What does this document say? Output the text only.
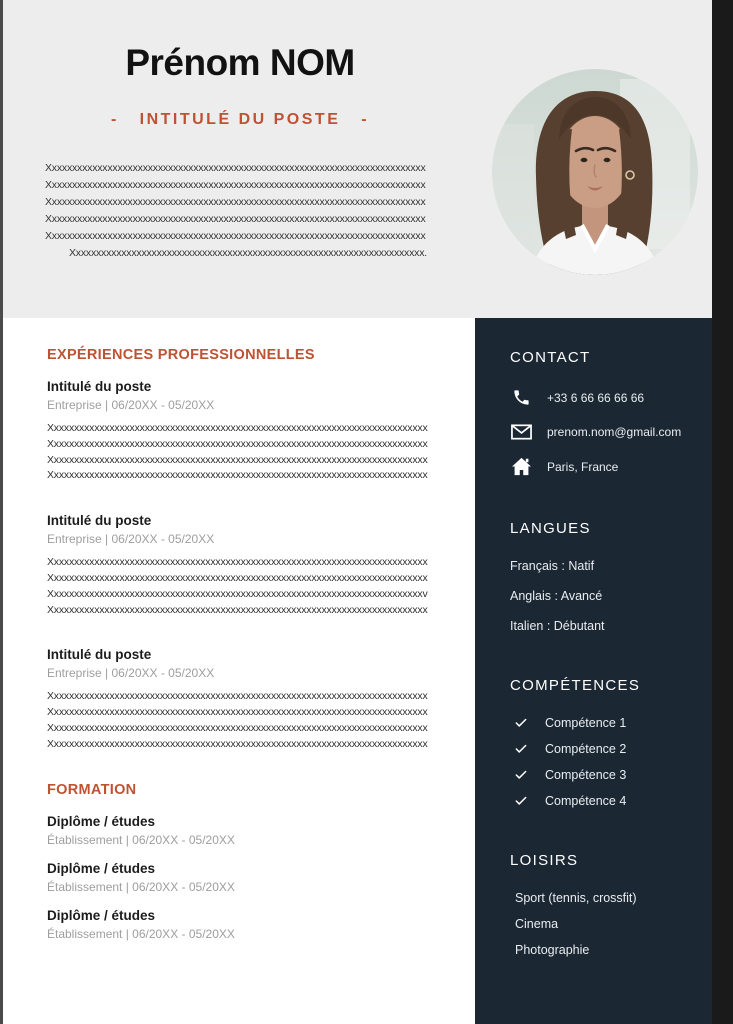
Prénom NOM
-   INTITULÉ DU POSTE   -
Xxxxxxxxxxxxxxxxxxxxxxxxxxxxxxxxxxxxxxxxxxxxxxxxxxxxxxxxxxxxxxxxxxxxxxxxxxx
Xxxxxxxxxxxxxxxxxxxxxxxxxxxxxxxxxxxxxxxxxxxxxxxxxxxxxxxxxxxxxxxxxxxxxxxxxxx
Xxxxxxxxxxxxxxxxxxxxxxxxxxxxxxxxxxxxxxxxxxxxxxxxxxxxxxxxxxxxxxxxxxxxxxxxxxx
Xxxxxxxxxxxxxxxxxxxxxxxxxxxxxxxxxxxxxxxxxxxxxxxxxxxxxxxxxxxxxxxxxxxxxxxxxxx
Xxxxxxxxxxxxxxxxxxxxxxxxxxxxxxxxxxxxxxxxxxxxxxxxxxxxxxxxxxxxxxxxxxxxxxxxxxx
Xxxxxxxxxxxxxxxxxxxxxxxxxxxxxxxxxxxxxxxxxxxxxxxxxxxxxxxxxxxxxxxxxxxxxx.
EXPÉRIENCES PROFESSIONNELLES
Intitulé du poste
Entreprise | 06/20XX - 05/20XX
Xxxxxxxxxxxxxxxxxxxxxxxxxxxxxxxxxxxxxxxxxxxxxxxxxxxxxxxxxxxxxxxxxxxxxxxxxxx
Xxxxxxxxxxxxxxxxxxxxxxxxxxxxxxxxxxxxxxxxxxxxxxxxxxxxxxxxxxxxxxxxxxxxxxxxxxx
Xxxxxxxxxxxxxxxxxxxxxxxxxxxxxxxxxxxxxxxxxxxxxxxxxxxxxxxxxxxxxxxxxxxxxxxxxxx
Xxxxxxxxxxxxxxxxxxxxxxxxxxxxxxxxxxxxxxxxxxxxxxxxxxxxxxxxxxxxxxxxxxxxxxxxxxx
Intitulé du poste
Entreprise | 06/20XX - 05/20XX
Xxxxxxxxxxxxxxxxxxxxxxxxxxxxxxxxxxxxxxxxxxxxxxxxxxxxxxxxxxxxxxxxxxxxxxxxxxx
Xxxxxxxxxxxxxxxxxxxxxxxxxxxxxxxxxxxxxxxxxxxxxxxxxxxxxxxxxxxxxxxxxxxxxxxxxxx
Xxxxxxxxxxxxxxxxxxxxxxxxxxxxxxxxxxxxxxxxxxxxxxxxxxxxxxxxxxxxxxxxxxxxxxxxxxv
Xxxxxxxxxxxxxxxxxxxxxxxxxxxxxxxxxxxxxxxxxxxxxxxxxxxxxxxxxxxxxxxxxxxxxxxxxxx
Intitulé du poste
Entreprise | 06/20XX - 05/20XX
Xxxxxxxxxxxxxxxxxxxxxxxxxxxxxxxxxxxxxxxxxxxxxxxxxxxxxxxxxxxxxxxxxxxxxxxxxxx
Xxxxxxxxxxxxxxxxxxxxxxxxxxxxxxxxxxxxxxxxxxxxxxxxxxxxxxxxxxxxxxxxxxxxxxxxxxx
Xxxxxxxxxxxxxxxxxxxxxxxxxxxxxxxxxxxxxxxxxxxxxxxxxxxxxxxxxxxxxxxxxxxxxxxxxxx
Xxxxxxxxxxxxxxxxxxxxxxxxxxxxxxxxxxxxxxxxxxxxxxxxxxxxxxxxxxxxxxxxxxxxxxxxxxx
FORMATION
Diplôme / études
Établissement | 06/20XX - 05/20XX
Diplôme / études
Établissement | 06/20XX - 05/20XX
Diplôme / études
Établissement | 06/20XX - 05/20XX
CONTACT
+33 6 66 66 66 66
prenom.nom@gmail.com
Paris, France
LANGUES
Français : Natif
Anglais : Avancé
Italien : Débutant
COMPÉTENCES
Compétence 1
Compétence 2
Compétence 3
Compétence 4
LOISIRS
Sport (tennis, crossfit)
Cinema
Photographie
